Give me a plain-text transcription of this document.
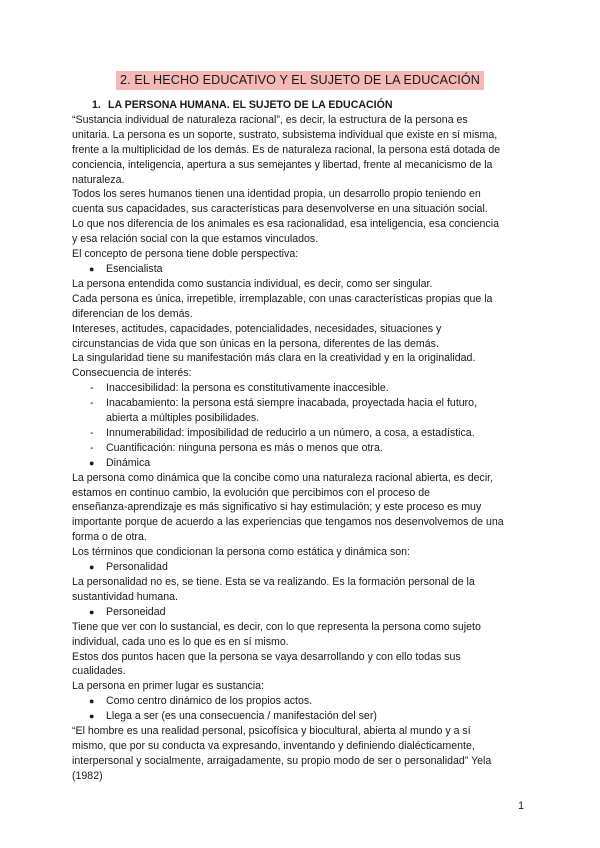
2. EL HECHO EDUCATIVO Y EL SUJETO DE LA EDUCACIÓN
1. LA PERSONA HUMANA. EL SUJETO DE LA EDUCACIÓN

“Sustancia individual de naturaleza racional”, es decir, la estructura de la persona es

unitaria. La persona es un soporte, sustrato, subsistema individual que existe en sí misma,

frente a la multiplicidad de los demás. Es de naturaleza racional, la persona está dotada de

conciencia, inteligencia, apertura a sus semejantes y libertad, frente al mecanicismo de la

naturaleza.

Todos los seres humanos tienen una identidad propia, un desarrollo propio teniendo en

cuenta sus capacidades, sus características para desenvolverse en una situación social.

Lo que nos diferencia de los animales es esa racionalidad, esa inteligencia, esa conciencia

y esa relación social con la que estamos vinculados.

El concepto de persona tiene doble perspectiva:

● Esencialista

La persona entendida como sustancia individual, es decir, como ser singular.

Cada persona es única, irrepetible, irremplazable, con unas características propias que la

diferencian de los demás.

Intereses, actitudes, capacidades, potencialidades, necesidades, situaciones y

circunstancias de vida que son únicas en la persona, diferentes de las demás.

La singularidad tiene su manifestación más clara en la creatividad y en la originalidad.

Consecuencia de interés:

- Inaccesibilidad: la persona es constitutivamente inaccesible.
- Inacabamiento: la persona está siempre inacabada, proyectada hacia el futuro,
abierta a múltiples posibilidades.
- Innumerabilidad: imposibilidad de reducirlo a un número, a cosa, a estadística.
- Cuantificación: ninguna persona es más o menos que otra.
● Dinámica

La persona como dinámica que la concibe como una naturaleza racional abierta, es decir,

estamos en continuo cambio, la evolución que percibimos con el proceso de

enseñanza-aprendizaje es más significativo si hay estimulación; y este proceso es muy

importante porque de acuerdo a las experiencias que tengamos nos desenvolvemos de una

forma o de otra.

Los términos que condicionan la persona como estática y dinámica son:

● Personalidad

La personalidad no es, se tiene. Esta se va realizando. Es la formación personal de la

sustantividad humana.

● Personeidad

Tiene que ver con lo sustancial, es decir, con lo que representa la persona como sujeto

individual, cada uno es lo que es en sí mismo.

Estos dos puntos hacen que la persona se vaya desarrollando y con ello todas sus

cualidades.

La persona en primer lugar es sustancia:

● Como centro dinámico de los propios actos.
● Llega a ser (es una consecuencia / manifestación del ser)

“El hombre es una realidad personal, psicofísica y biocultural, abierta al mundo y a sí

mismo, que por su conducta va expresando, inventando y definiendo dialécticamente,

interpersonal y socialmente, arraigadamente, su propio modo de ser o personalidad” Yela

(1982)

1
